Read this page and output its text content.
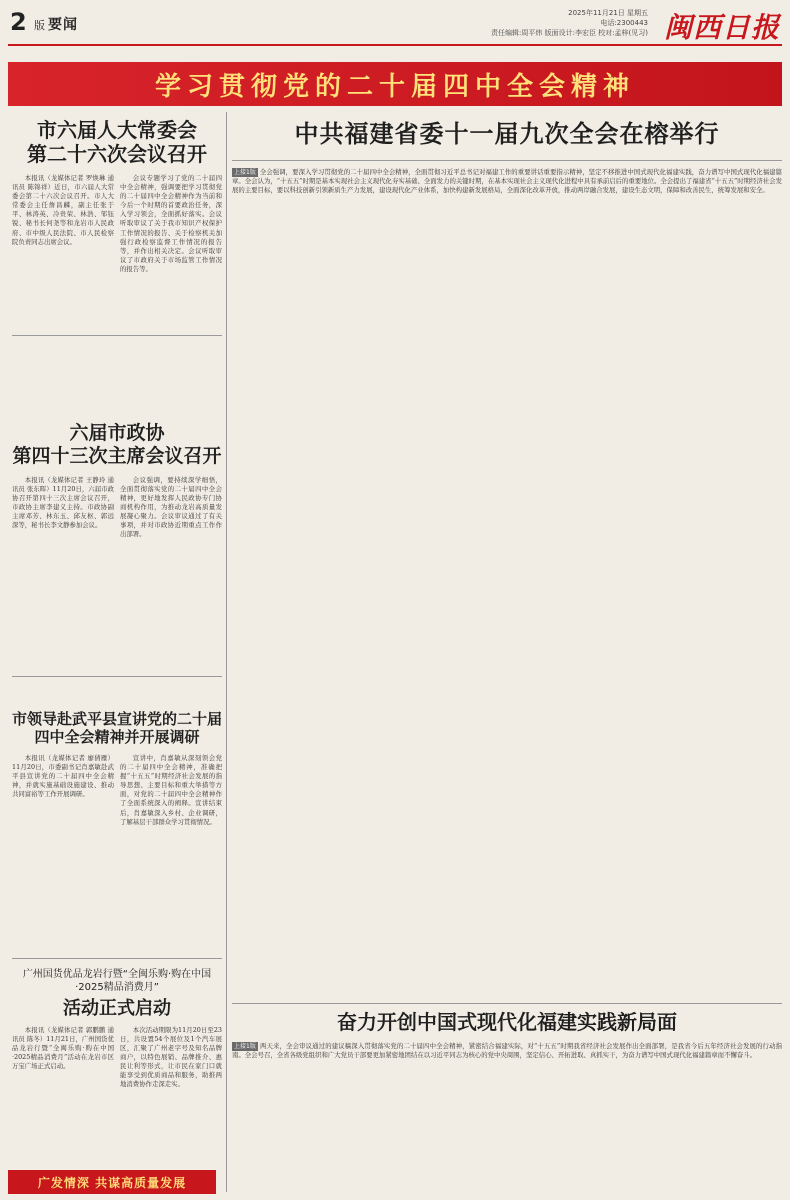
2 版 要闻
2025年11月21日 星期五
电话:2300443
责任编辑:周平炜 版面设计:李宏臣 校对:孟梓(见习) 闽西日报
学习贯彻党的二十届四中全会精神
市六届人大常委会
第二十六次会议召开

本报讯（龙媒体记者 罗焕琳 通讯员 陈锦祥）近日，市六届人大常委会第二十六次会议召开。市人大常委会主任詹昌麟，副主任张于平、林涛英、冷贵荣、林浩、邹钰锐、秘书长何尧等和龙岩市人民政府、市中级人民法院、市人民检察院负责同志出席会议。

会议专题学习了党的二十届四中全会精神，强调要把学习贯彻党的二十届四中全会精神作为当前和今后一个时期的首要政治任务，深入学习领会，全面抓好落实。会议听取审议了关于我市知识产权保护工作情况的报告、关于检察机关加强行政检察监督工作情况的报告等，并作出相关决定。会议听取审议了市政府关于市场监管工作情况的报告等。

六届市政协
第四十三次主席会议召开

本报讯（龙媒体记者 王静玲 通讯员 张东晖）11月20日，六届市政协召开第四十三次主席会议召开，市政协主席李建义主持。市政协副主席邓芳、林东玉、邱友枢、郭远深等，秘书长李文静参加会议。

会议强调，要持续深学细悟，全面贯彻落实党的二十届四中全会精神，更好地发挥人民政协专门协商机构作用，为推动龙岩高质量发展凝心聚力。会议审议通过了有关事项，并对市政协近期重点工作作出部署。

市领导赴武平县宣讲党的二十届
四中全会精神并开展调研

本报讯（龙媒体记者 廖倩雁）11月20日，市委副书记肖嘉敏赴武平县宣讲党的二十届四中全会精神，并就实施基础设施建设、推动共同富裕等工作开展调研。

宣讲中，肖嘉敏从深刻领会党的二十届四中全会精神，准确把握“十五五”时期经济社会发展的指导思想、主要目标和重大举措等方面，对党的二十届四中全会精神作了全面系统深入的阐释。宣讲结束后，肖嘉敏深入乡村、企业调研，了解基层干部群众学习贯彻情况。

广州国货优品龙岩行暨“全闽乐购·购在中国·2025精品消费月”
活动正式启动

本报讯（龙媒体记者 郭鹏鹏 通讯员 陈冬）11月21日，广州国货优品龙岩行暨“全闽乐购·购在中国·2025精品消费月”活动在龙岩市区万宝广场正式启动。

本次活动期限为11月20日至23日，共设置54个展位及1个汽车展区，汇聚了广州老字号及知名品牌商户，以特色展销、品牌推介、惠民让利等形式，让市民在家门口就能享受到优质商品和服务，助推两地消费协作走深走实。

广发情深 共谋高质量发展
中共福建省委十一届九次全会在榕举行

上接1版 全会强调，要深入学习贯彻党的二十届四中全会精神，全面贯彻习近平总书记对福建工作的重要讲话重要指示精神，坚定不移推进中国式现代化福建实践，奋力谱写中国式现代化福建篇章。全会认为，“十五五”时期是基本实现社会主义现代化夯实基础、全面发力的关键时期，在基本实现社会主义现代化进程中具有承前启后的重要地位。全会提出了福建省“十五五”时期经济社会发展的主要目标，要以科技创新引领新质生产力发展，建设现代化产业体系，加快构建新发展格局，全面深化改革开放，推动两岸融合发展，建设生态文明，保障和改善民生，统筹发展和安全。

奋力开创中国式现代化福建实践新局面

上接1版 两天来，全会审议通过的建议稿深入贯彻落实党的二十届四中全会精神，紧密结合福建实际，对“十五五”时期我省经济社会发展作出全面部署，是我省今后五年经济社会发展的行动指南。全会号召，全省各级党组织和广大党员干部要更加紧密地团结在以习近平同志为核心的党中央周围，坚定信心、开拓进取、真抓实干，为奋力谱写中国式现代化福建篇章而不懈奋斗。
